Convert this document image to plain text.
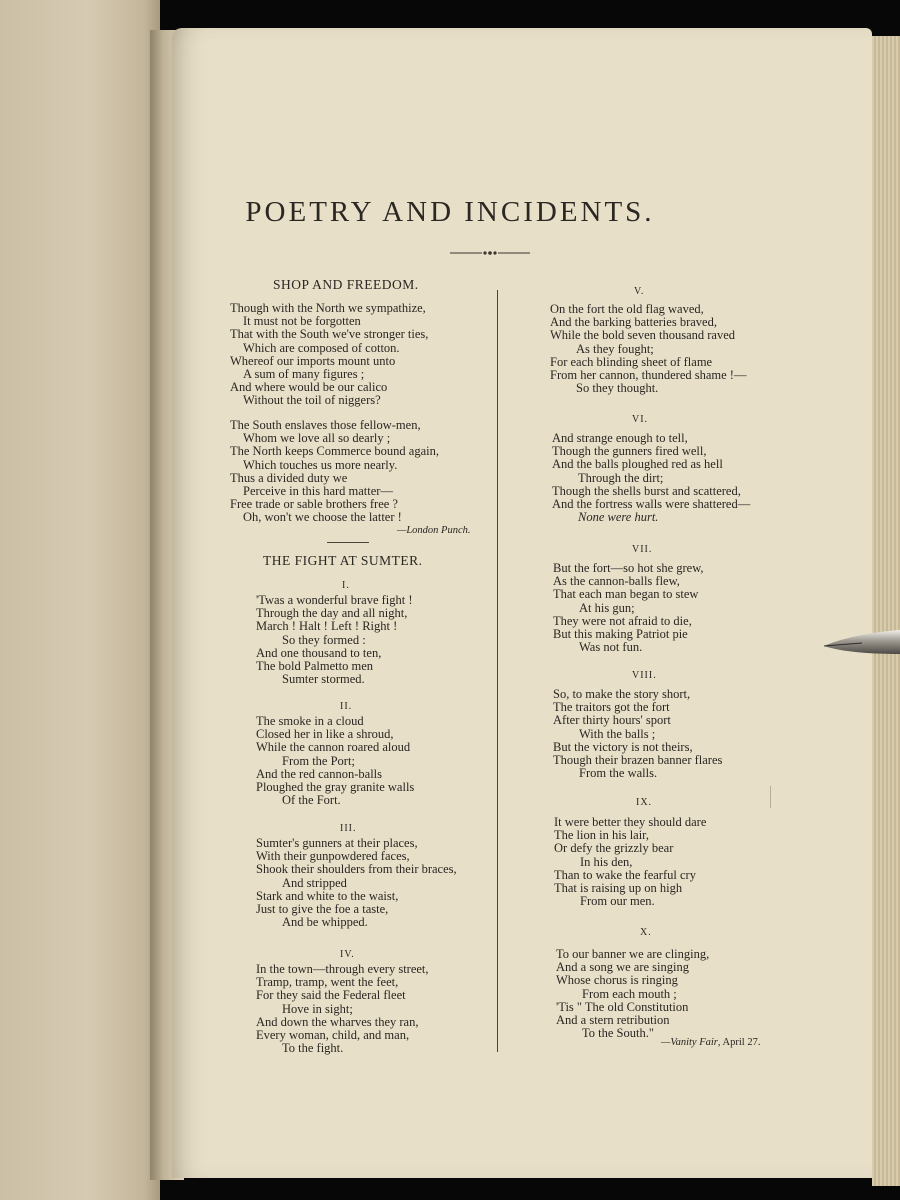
POETRY AND INCIDENTS.
SHOP AND FREEDOM.
Though with the North we sympathize,
It must not be forgotten
That with the South we've stronger ties,
Which are composed of cotton.
Whereof our imports mount unto
A sum of many figures ;
And where would be our calico
Without the toil of niggers?
The South enslaves those fellow-men,
Whom we love all so dearly ;
The North keeps Commerce bound again,
Which touches us more nearly.
Thus a divided duty we
Perceive in this hard matter—
Free trade or sable brothers free ?
Oh, won't we choose the latter !
—London Punch.
THE FIGHT AT SUMTER.
I.
'Twas a wonderful brave fight !
Through the day and all night,
March ! Halt ! Left ! Right !
So they formed :
And one thousand to ten,
The bold Palmetto men
Sumter stormed.
II.
The smoke in a cloud
Closed her in like a shroud,
While the cannon roared aloud
From the Port;
And the red cannon-balls
Ploughed the gray granite walls
Of the Fort.
III.
Sumter's gunners at their places,
With their gunpowdered faces,
Shook their shoulders from their braces,
And stripped
Stark and white to the waist,
Just to give the foe a taste,
And be whipped.
IV.
In the town—through every street,
Tramp, tramp, went the feet,
For they said the Federal fleet
Hove in sight;
And down the wharves they ran,
Every woman, child, and man,
To the fight.
V.
On the fort the old flag waved,
And the barking batteries braved,
While the bold seven thousand raved
As they fought;
For each blinding sheet of flame
From her cannon, thundered shame !—
So they thought.
VI.
And strange enough to tell,
Though the gunners fired well,
And the balls ploughed red as hell
Through the dirt;
Though the shells burst and scattered,
And the fortress walls were shattered—
None were hurt.
VII.
But the fort—so hot she grew,
As the cannon-balls flew,
That each man began to stew
At his gun;
They were not afraid to die,
But this making Patriot pie
Was not fun.
VIII.
So, to make the story short,
The traitors got the fort
After thirty hours' sport
With the balls ;
But the victory is not theirs,
Though their brazen banner flares
From the walls.
IX.
It were better they should dare
The lion in his lair,
Or defy the grizzly bear
In his den,
Than to wake the fearful cry
That is raising up on high
From our men.
X.
To our banner we are clinging,
And a song we are singing
Whose chorus is ringing
From each mouth ;
'Tis " The old Constitution
And a stern retribution
To the South."
—Vanity Fair, April 27.
